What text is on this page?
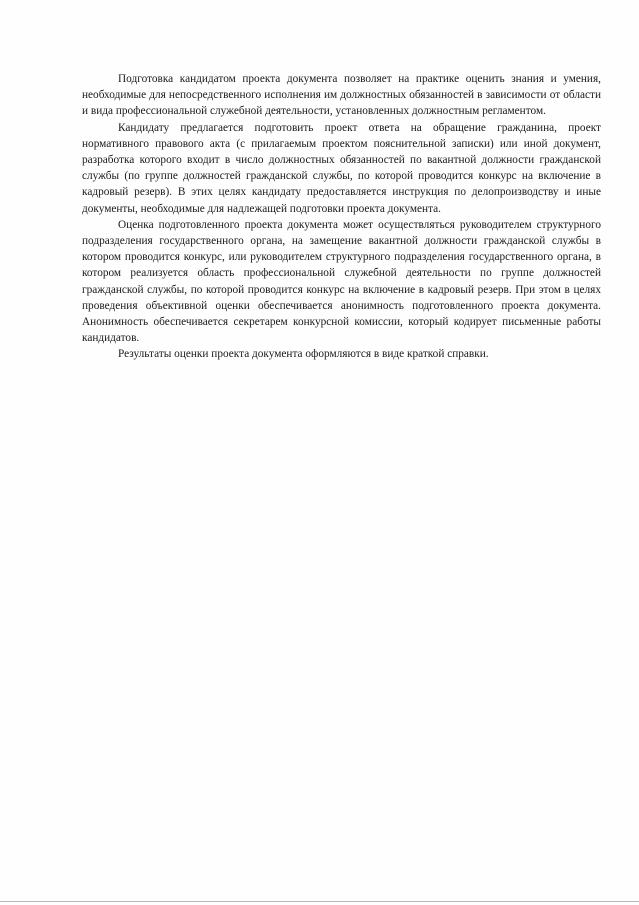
Подготовка кандидатом проекта документа позволяет на практике оценить знания и умения, необходимые для непосредственного исполнения им должностных обязанностей в зависимости от области и вида профессиональной служебной деятельности, установленных должностным регламентом.

Кандидату предлагается подготовить проект ответа на обращение гражданина, проект нормативного правового акта (с прилагаемым проектом пояснительной записки) или иной документ, разработка которого входит в число должностных обязанностей по вакантной должности гражданской службы (по группе должностей гражданской службы, по которой проводится конкурс на включение в кадровый резерв). В этих целях кандидату предоставляется инструкция по делопроизводству и иные документы, необходимые для надлежащей подготовки проекта документа.

Оценка подготовленного проекта документа может осуществляться руководителем структурного подразделения государственного органа, на замещение вакантной должности гражданской службы в котором проводится конкурс, или руководителем структурного подразделения государственного органа, в котором реализуется область профессиональной служебной деятельности по группе должностей гражданской службы, по которой проводится конкурс на включение в кадровый резерв. При этом в целях проведения объективной оценки обеспечивается анонимность подготовленного проекта документа. Анонимность обеспечивается секретарем конкурсной комиссии, который кодирует письменные работы кандидатов.

Результаты оценки проекта документа оформляются в виде краткой справки.
